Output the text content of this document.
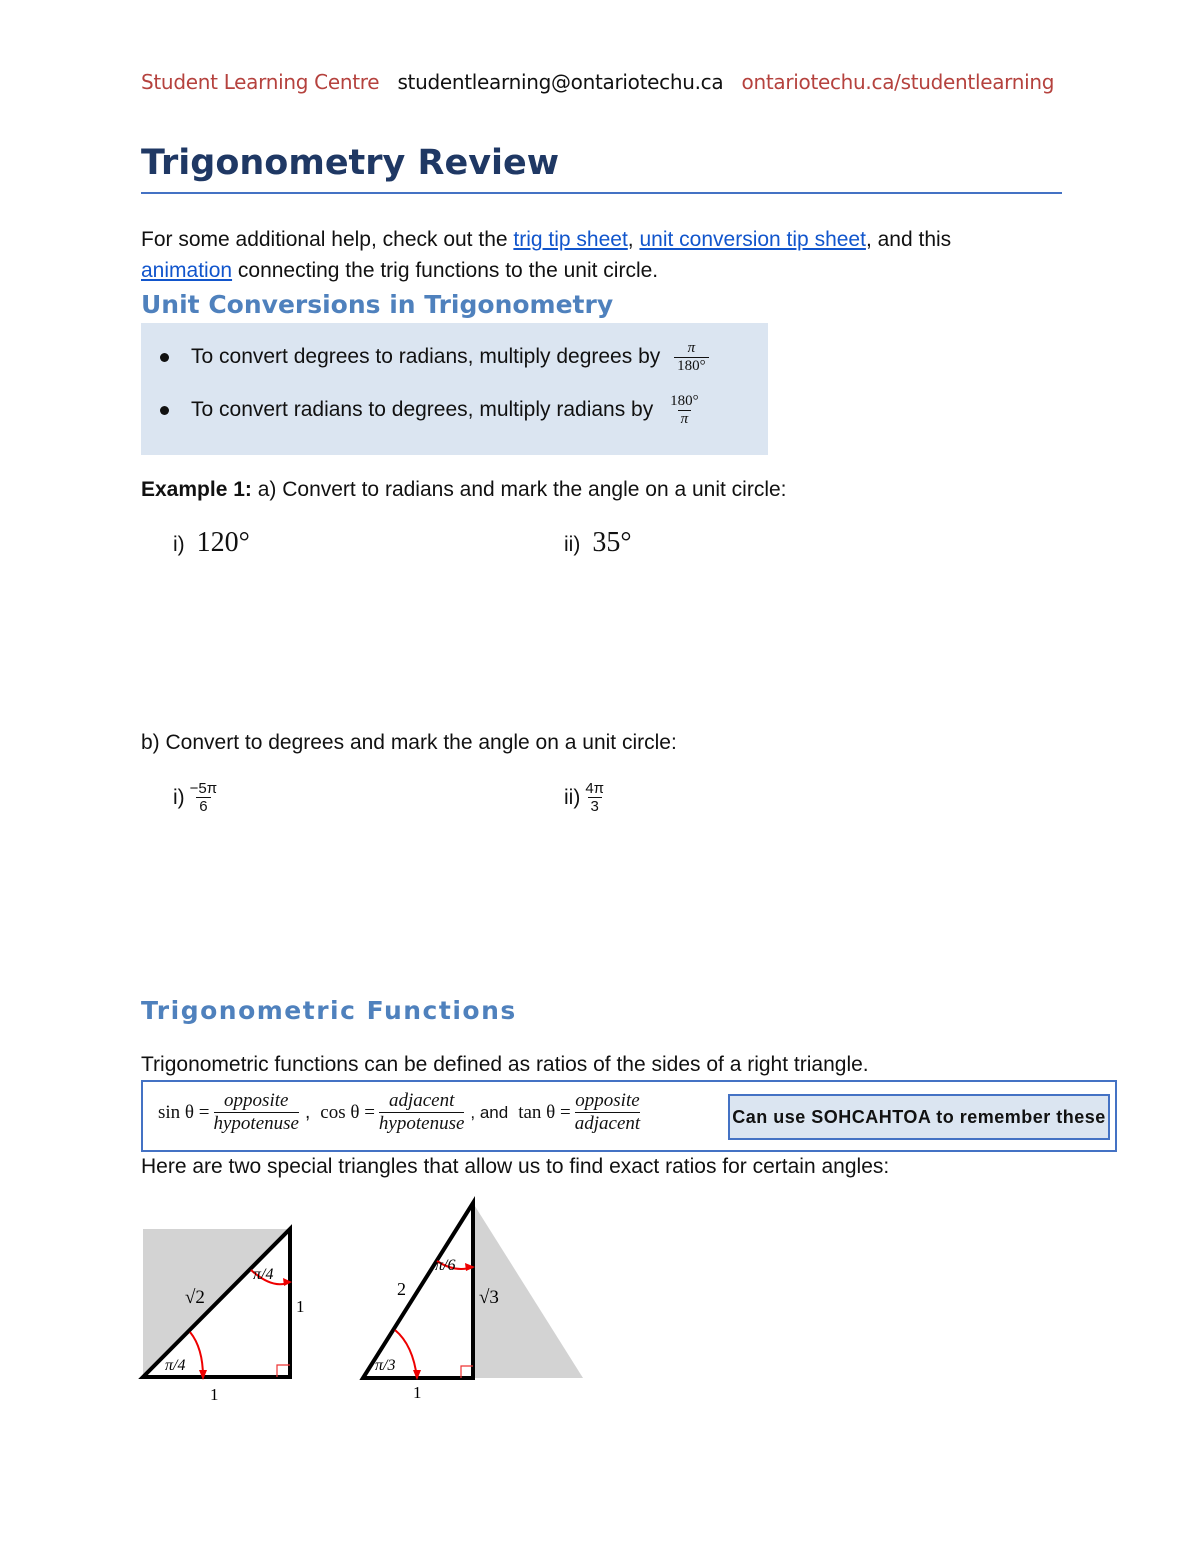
Student Learning Centre studentlearning@ontariotechu.ca ontariotechu.ca/studentlearning
Trigonometry Review
For some additional help, check out the trig tip sheet, unit conversion tip sheet, and this
animation connecting the trig functions to the unit circle.
Unit Conversions in Trigonometry
To convert degrees to radians, multiply degrees by $\frac{\pi}{180^\circ}$
To convert radians to degrees, multiply radians by $\frac{180^\circ}{\pi}$
Example 1: a) Convert to radians and mark the angle on a unit circle:
i) 120°	ii) 35°
b) Convert to degrees and mark the angle on a unit circle:
$i) \frac{-5\pi}{6}$	$ii) \frac{4\pi}{3}$
Trigonometric Functions
Trigonometric functions can be defined as ratios of the sides of a right triangle.
sin θ =
opposite
hypotenuse
, cos θ =
adjacent
hypotenuse
, and tan θ =
opposite
adjacent	Can use SOHCAHTOA to remember these
Here are two special triangles that allow us to find exact ratios for certain angles:
√2
π/4
π/4
1
1
2
π/6
π/3
√3
1
